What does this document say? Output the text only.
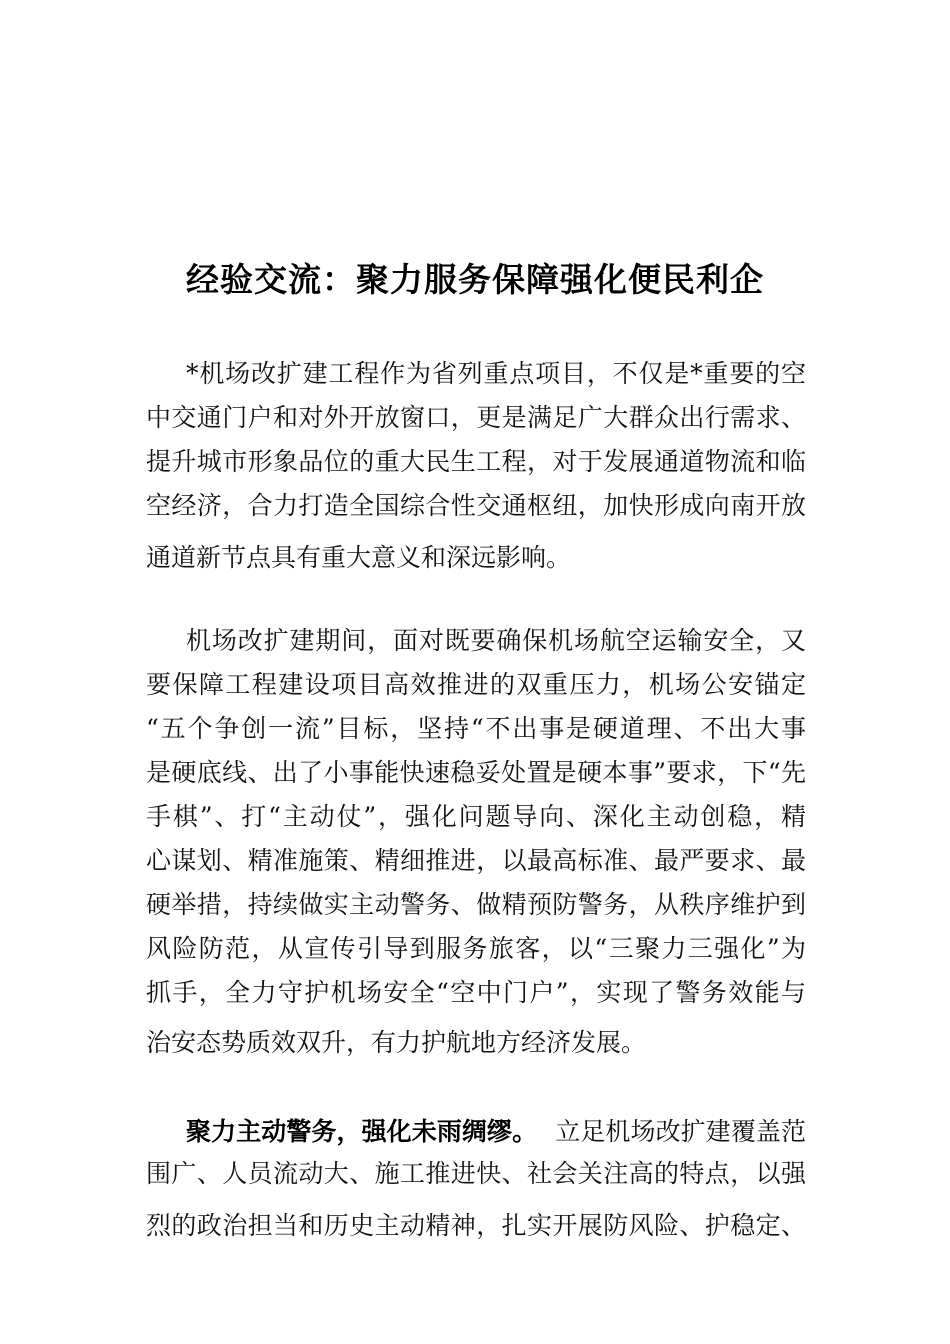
经验交流：聚力服务保障强化便民利企

*机场改扩建工程作为省列重点项目，不仅是*重要的空

中交通门户和对外开放窗口，更是满足广大群众出行需求、

提升城市形象品位的重大民生工程，对于发展通道物流和临

空经济，合力打造全国综合性交通枢纽，加快形成向南开放

通道新节点具有重大意义和深远影响。

机场改扩建期间，面对既要确保机场航空运输安全，又

要保障工程建设项目高效推进的双重压力，机场公安锚定

“五个争创一流”目标，坚持“不出事是硬道理、不出大事

是硬底线、出了小事能快速稳妥处置是硬本事”要求，下“先

手棋”、打“主动仗”，强化问题导向、深化主动创稳，精

心谋划、精准施策、精细推进，以最高标准、最严要求、最

硬举措，持续做实主动警务、做精预防警务，从秩序维护到

风险防范，从宣传引导到服务旅客，以“三聚力三强化”为

抓手，全力守护机场安全“空中门户”，实现了警务效能与

治安态势质效双升，有力护航地方经济发展。

聚力主动警务，强化未雨绸缪。 立足机场改扩建覆盖范

围广、人员流动大、施工推进快、社会关注高的特点，以强

烈的政治担当和历史主动精神，扎实开展防风险、护稳定、
